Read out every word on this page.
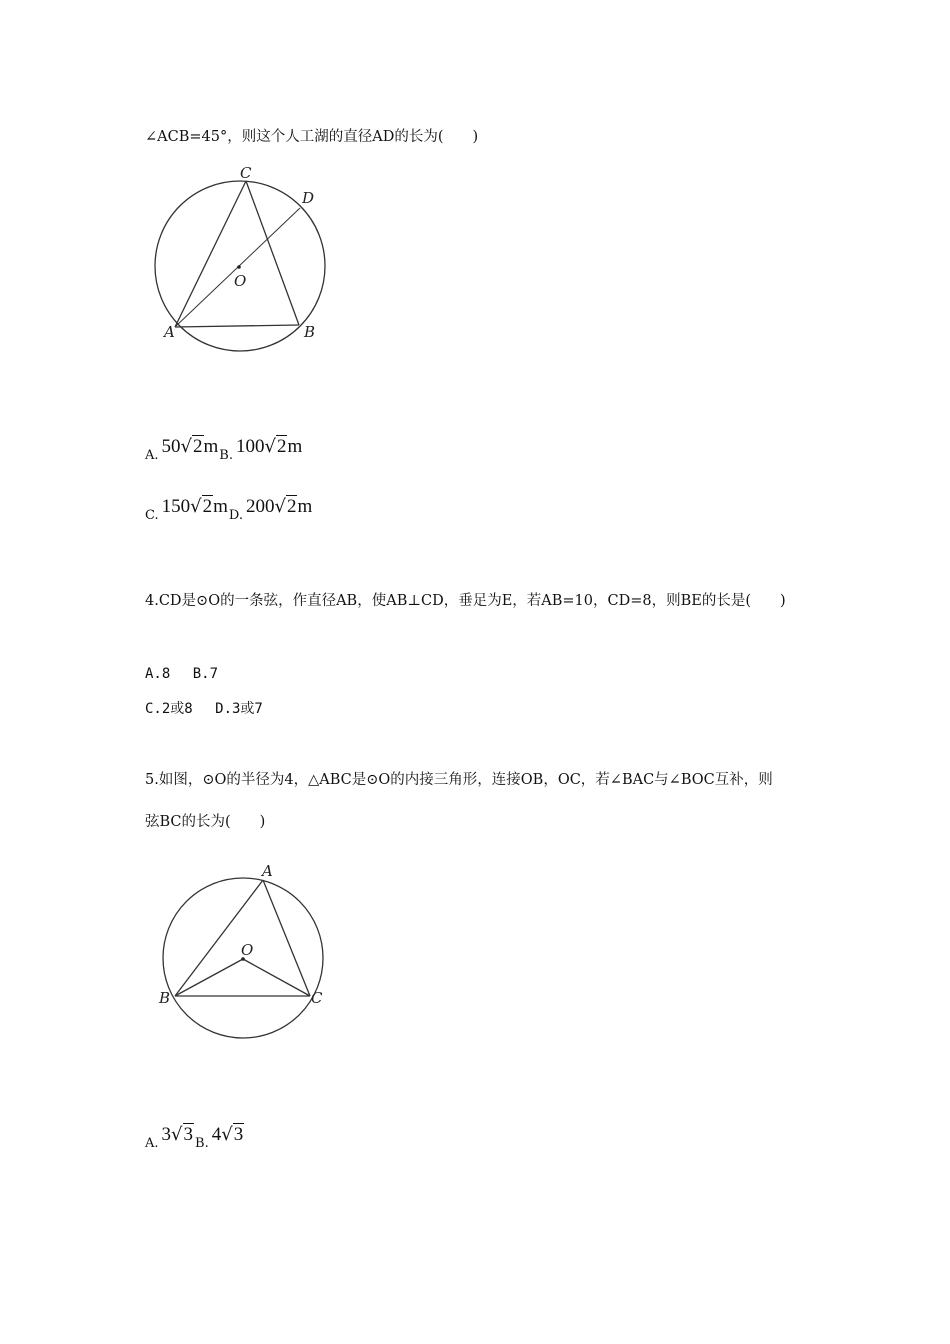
∠ACB=45°，则这个人工湖的直径AD的长为(　　)
C
D
O
A	B
A. 50√2mB. 100√2m
C. 150√2mD. 200√2m
4.CD是⊙O的一条弦，作直径AB，使AB⊥CD，垂足为E，若AB=10，CD=8，则BE的长是(　　)
A.8　 B.7
C.2或8　 D.3或7
5.如图，⊙O的半径为4，△ABC是⊙O的内接三角形，连接OB，OC，若∠BAC与∠BOC互补，则
弦BC的长为(　　)
A
O
B	C
A. 3√3 B. 4√3
